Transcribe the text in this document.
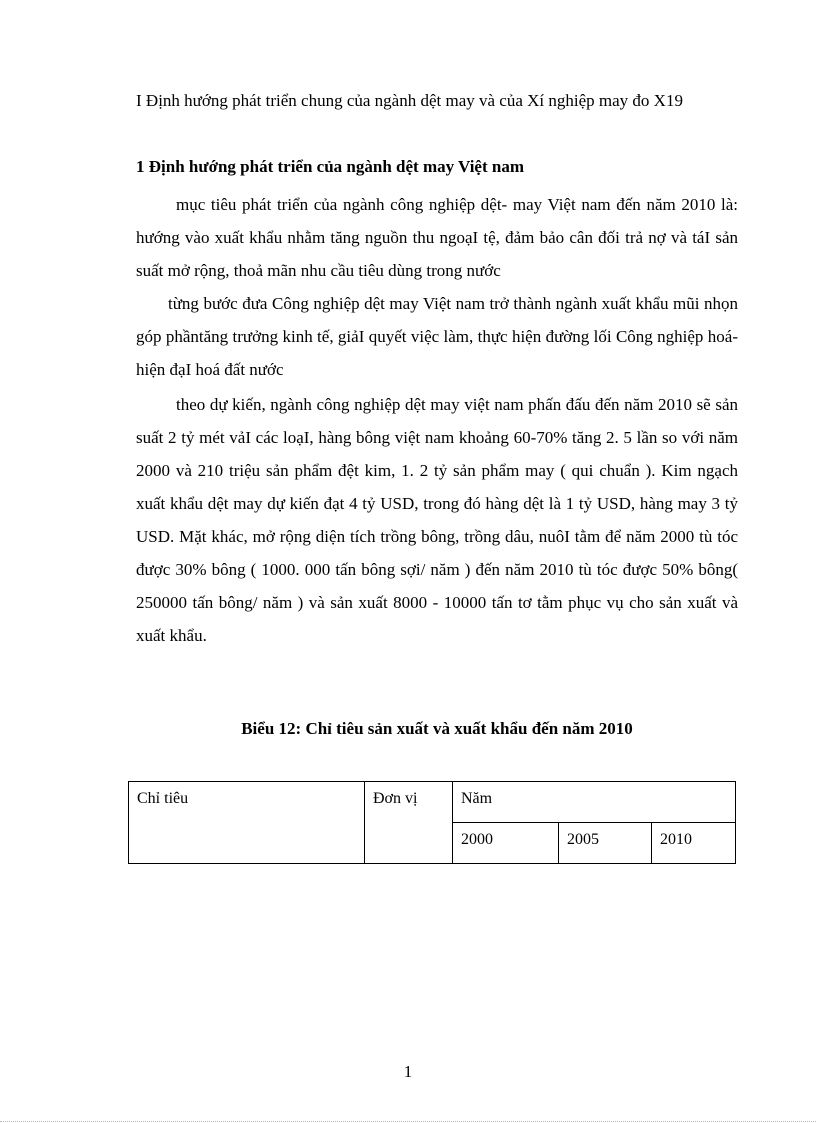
I Định hướng phát triển chung của ngành dệt may và của Xí nghiệp may đo X19
1 Định hướng phát triển của ngành dệt may Việt nam
mục tiêu phát triển của ngành công nghiệp dệt- may Việt nam đến năm 2010 là: hướng vào xuất khẩu nhằm tăng nguồn thu ngoạI tệ, đảm bảo cân đối trả nợ và táI sản suất mở rộng, thoả mãn nhu cầu tiêu dùng trong nước
từng bước đưa Công nghiệp dệt may Việt nam trở thành ngành xuất khẩu mũi nhọn góp phầntăng trưởng kinh tế, giảI quyết việc làm, thực hiện đường lối Công nghiệp hoá- hiện đạI hoá đất nước
theo dự kiến, ngành công nghiệp dệt may việt nam phấn đấu đến năm 2010 sẽ sản suất 2 tỷ mét vảI các loạI, hàng bông việt nam khoảng 60-70% tăng 2. 5 lần so với năm 2000 và 210 triệu sản phẩm đệt kim, 1. 2 tỷ sản phẩm may ( qui chuẩn ). Kim ngạch xuất khẩu dệt may dự kiến đạt 4 tỷ USD, trong đó hàng dệt là 1 tỷ USD, hàng may 3 tỷ USD. Mặt khác, mở rộng diện tích trồng bông, trồng dâu, nuôI tằm để năm 2000 tù tóc được 30% bông ( 1000. 000 tấn bông sợi/ năm ) đến năm 2010 tù tóc được 50% bông( 250000 tấn bông/ năm ) và sản xuất 8000 - 10000 tấn tơ tằm phục vụ cho sản xuất và xuất khẩu.
Biểu 12: Chỉ tiêu sản xuất và xuất khẩu đến năm 2010
Chỉ tiêu	Đơn vị	Năm		
		2000	2005	2010
1
